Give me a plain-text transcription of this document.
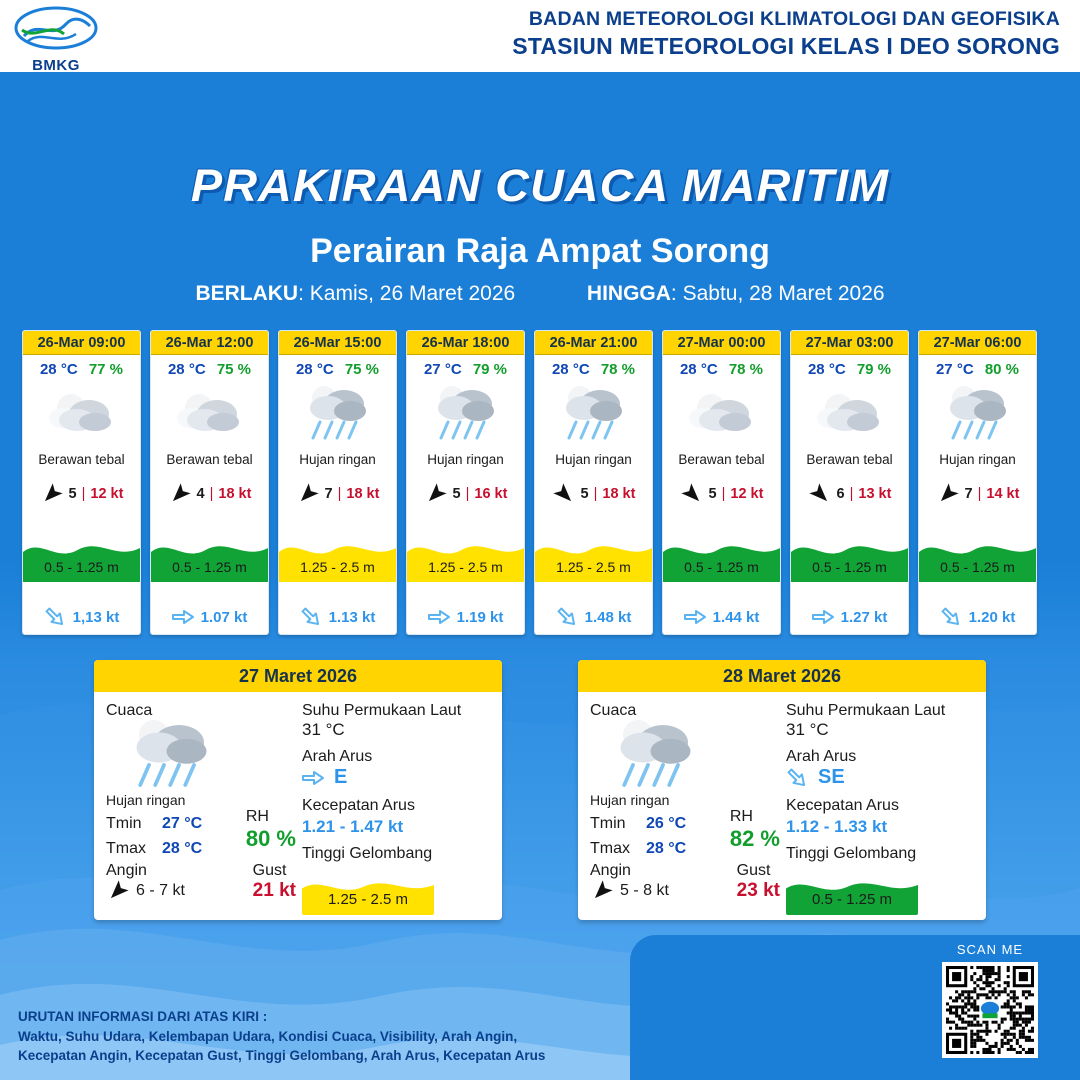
BMKG
BADAN METEOROLOGI KLIMATOLOGI DAN GEOFISIKA
STASIUN METEOROLOGI KELAS I DEO SORONG
PRAKIRAAN CUACA MARITIM
Perairan Raja Ampat Sorong
BERLAKU: Kamis, 26 Maret 2026	HINGGA: Sabtu, 28 Maret 2026
26-Mar 09:00
28 °C 77 %
Berawan tebal
5 | 12 kt
0.5 - 1.25 m
1,13 kt
26-Mar 12:00
28 °C 75 %
Berawan tebal
4 | 18 kt
0.5 - 1.25 m
1.07 kt
26-Mar 15:00
28 °C 75 %
Hujan ringan
7 | 18 kt
1.25 - 2.5 m
1.13 kt
26-Mar 18:00
27 °C 79 %
Hujan ringan
5 | 16 kt
1.25 - 2.5 m
1.19 kt
26-Mar 21:00
28 °C 78 %
Hujan ringan
5 | 18 kt
1.25 - 2.5 m
1.48 kt
27-Mar 00:00
28 °C 78 %
Berawan tebal
5 | 12 kt
0.5 - 1.25 m
1.44 kt
27-Mar 03:00
28 °C 79 %
Berawan tebal
6 | 13 kt
0.5 - 1.25 m
1.27 kt
27-Mar 06:00
27 °C 80 %
Hujan ringan
7 | 14 kt
0.5 - 1.25 m
1.20 kt
27 Maret 2026
Cuaca
Hujan ringan
Tmin	27 °C
Tmax	28 °C
RH
80 %
Angin
6 - 7 kt
Gust
21 kt
Suhu Permukaan Laut
31 °C
Arah Arus
E
Kecepatan Arus
1.21 - 1.47 kt
Tinggi Gelombang
1.25 - 2.5 m
28 Maret 2026
Cuaca
Hujan ringan
Tmin	26 °C
Tmax	28 °C
RH
82 %
Angin
5 - 8 kt
Gust
23 kt
Suhu Permukaan Laut
31 °C
Arah Arus
SE
Kecepatan Arus
1.12 - 1.33 kt
Tinggi Gelombang
0.5 - 1.25 m
URUTAN INFORMASI DARI ATAS KIRI :
Waktu, Suhu Udara, Kelembapan Udara, Kondisi Cuaca, Visibility, Arah Angin,
Kecepatan Angin, Kecepatan Gust, Tinggi Gelombang, Arah Arus, Kecepatan Arus
SCAN ME
